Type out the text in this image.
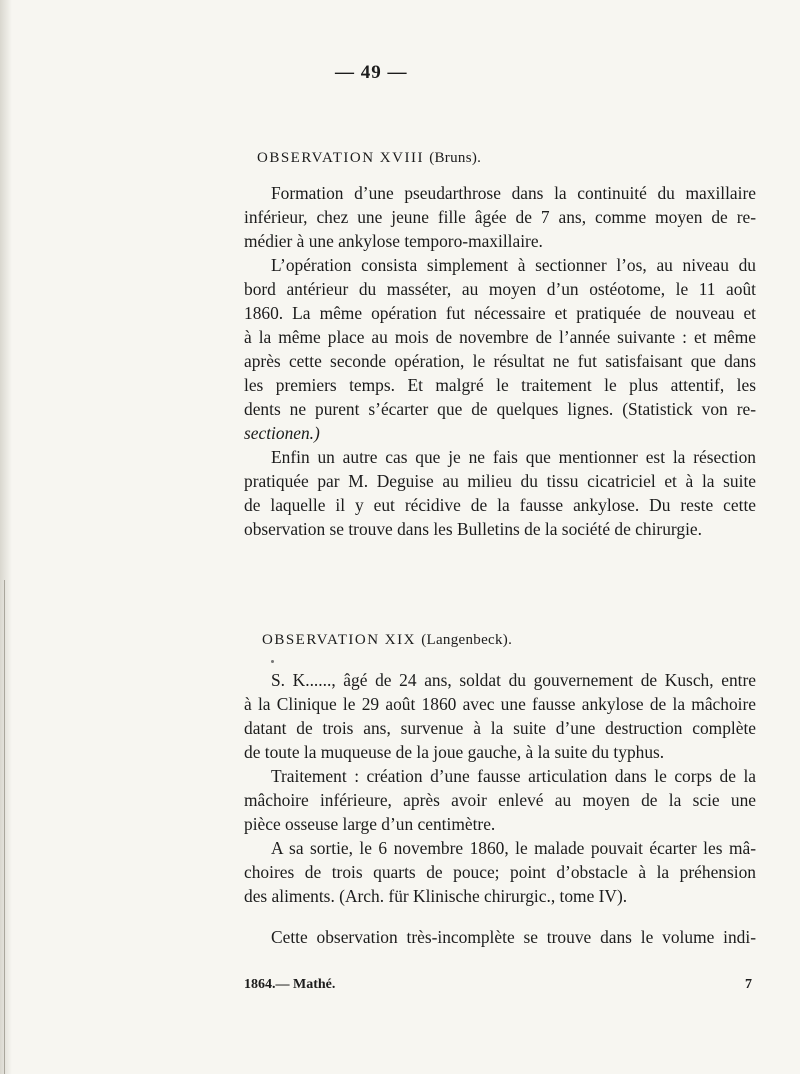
— 49 —
OBSERVATION XVIII (Bruns).
Formation d’une pseudarthrose dans la continuité du maxillaire
inférieur, chez une jeune fille âgée de 7 ans, comme moyen de re-
médier à une ankylose temporo-maxillaire.
L’opération consista simplement à sectionner l’os, au niveau du
bord antérieur du masséter, au moyen d’un ostéotome, le 11 août
1860. La même opération fut nécessaire et pratiquée de nouveau et
à la même place au mois de novembre de l’année suivante : et même
après cette seconde opération, le résultat ne fut satisfaisant que dans
les premiers temps. Et malgré le traitement le plus attentif, les
dents ne purent s’écarter que de quelques lignes. (Statistick von re-
sectionen.)
Enfin un autre cas que je ne fais que mentionner est la résection
pratiquée par M. Deguise au milieu du tissu cicatriciel et à la suite
de laquelle il y eut récidive de la fausse ankylose. Du reste cette
observation se trouve dans les Bulletins de la société de chirurgie.
OBSERVATION XIX (Langenbeck).
S. K......, âgé de 24 ans, soldat du gouvernement de Kusch, entre
à la Clinique le 29 août 1860 avec une fausse ankylose de la mâchoire
datant de trois ans, survenue à la suite d’une destruction complète
de toute la muqueuse de la joue gauche, à la suite du typhus.
Traitement : création d’une fausse articulation dans le corps de la
mâchoire inférieure, après avoir enlevé au moyen de la scie une
pièce osseuse large d’un centimètre.
A sa sortie, le 6 novembre 1860, le malade pouvait écarter les mâ-
choires de trois quarts de pouce; point d’obstacle à la préhension
des aliments. (Arch. für Klinische chirurgic., tome IV).
Cette observation très-incomplète se trouve dans le volume indi-
1864.— Mathé.	7
